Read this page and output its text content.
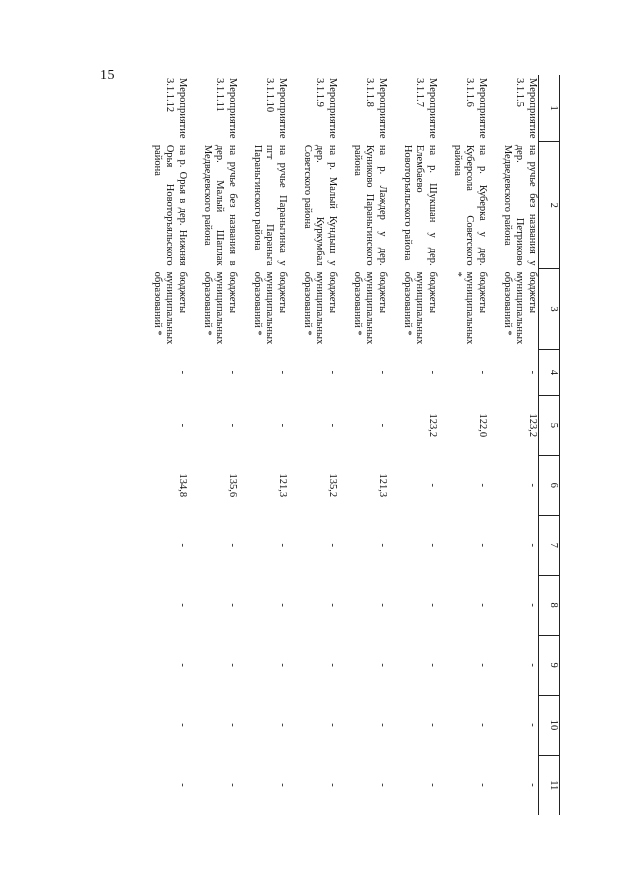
15
1	2	3	4	5	6	7	8	9	10	11
Мероприятие 3.1.1.5	на ручье без названия у дер. Петриково Медведевского района	бюджеты муниципальных образований *	-	123,2	-	-	-	-	-	-
Мероприятие 3.1.1.6	на р. Куберка у дер. Куберсола Советского района	бюджеты муниципальных *	-	122,0	-	-	-	-	-	-
Мероприятие 3.1.1.7	на р. Шукшан у дер. Елембаево Новоторъяльского района	бюджеты муниципальных образований *	-	123,2	-	-	-	-	-	-
Мероприятие 3.1.1.8	на р. Лаждер у дер. Куниково Параньгинского района	бюджеты муниципальных образований *	-	-	121,3	-	-	-	-	-
Мероприятие 3.1.1.9	на р. Малый Кундыш у дер. Куркумбал Советского района	бюджеты муниципальных образований *	-	-	135,2	-	-	-	-	-
Мероприятие 3.1.1.10	на ручье Параньгинка у пгт Параньга Параньгинского района	бюджеты муниципальных образований *	-	-	121,3	-	-	-	-	-
Мероприятие 3.1.1.11	на ручье без названия в дер. Малый Шаплак Медведевского района	бюджеты муниципальных образований *	-	-	135,6	-	-	-	-	-
Мероприятие 3.1.1.12	на р. Орья в дер. Нижняя Орья Новоторъяльского района	бюджеты муниципальных образований *	-	-	134,8	-	-	-	-	-
